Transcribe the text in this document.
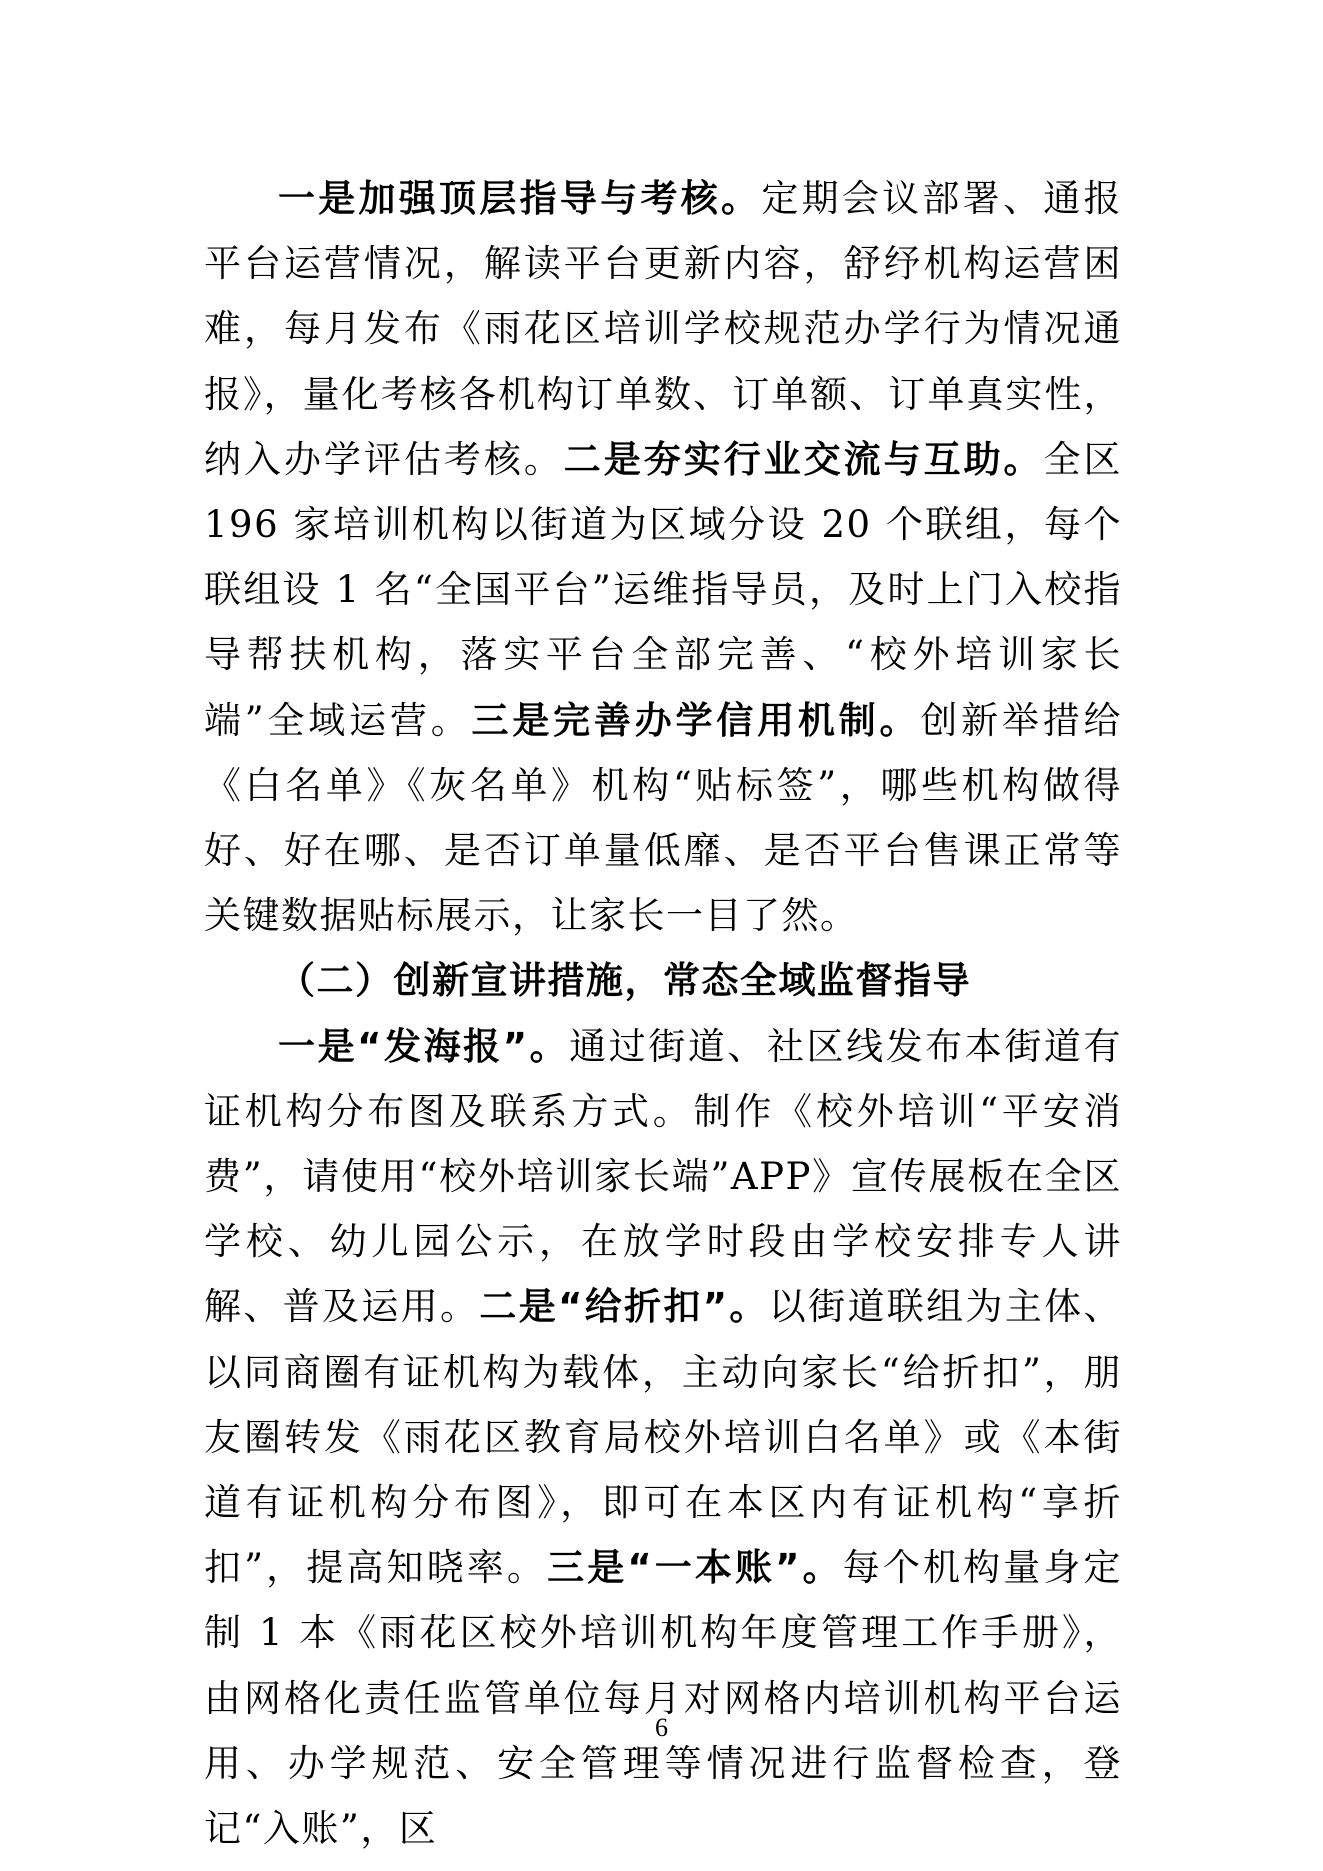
一是加强顶层指导与考核。定期会议部署、通报平台运营情况，解读平台更新内容，舒纾机构运营困难，每月发布《雨花区培训学校规范办学行为情况通报》，量化考核各机构订单数、订单额、订单真实性，纳入办学评估考核。二是夯实行业交流与互助。全区 196 家培训机构以街道为区域分设 20 个联组，每个联组设 1 名“全国平台”运维指导员，及时上门入校指导帮扶机构，落实平台全部完善、“校外培训家长端”全域运营。三是完善办学信用机制。创新举措给《白名单》《灰名单》机构“贴标签”，哪些机构做得好、好在哪、是否订单量低靡、是否平台售课正常等关键数据贴标展示，让家长一目了然。

（二）创新宣讲措施，常态全域监督指导

一是“发海报”。通过街道、社区线发布本街道有证机构分布图及联系方式。制作《校外培训“平安消费”，请使用“校外培训家长端”APP》宣传展板在全区学校、幼儿园公示，在放学时段由学校安排专人讲解、普及运用。二是“给折扣”。以街道联组为主体、以同商圈有证机构为载体，主动向家长“给折扣”，朋友圈转发《雨花区教育局校外培训白名单》或《本街道有证机构分布图》，即可在本区内有证机构“享折扣”，提高知晓率。三是“一本账”。每个机构量身定制 1 本《雨花区校外培训机构年度管理工作手册》，由网格化责任监管单位每月对网格内培训机构平台运用、办学规范、安全管理等情况进行监督检查，登记“入账”，区

6
